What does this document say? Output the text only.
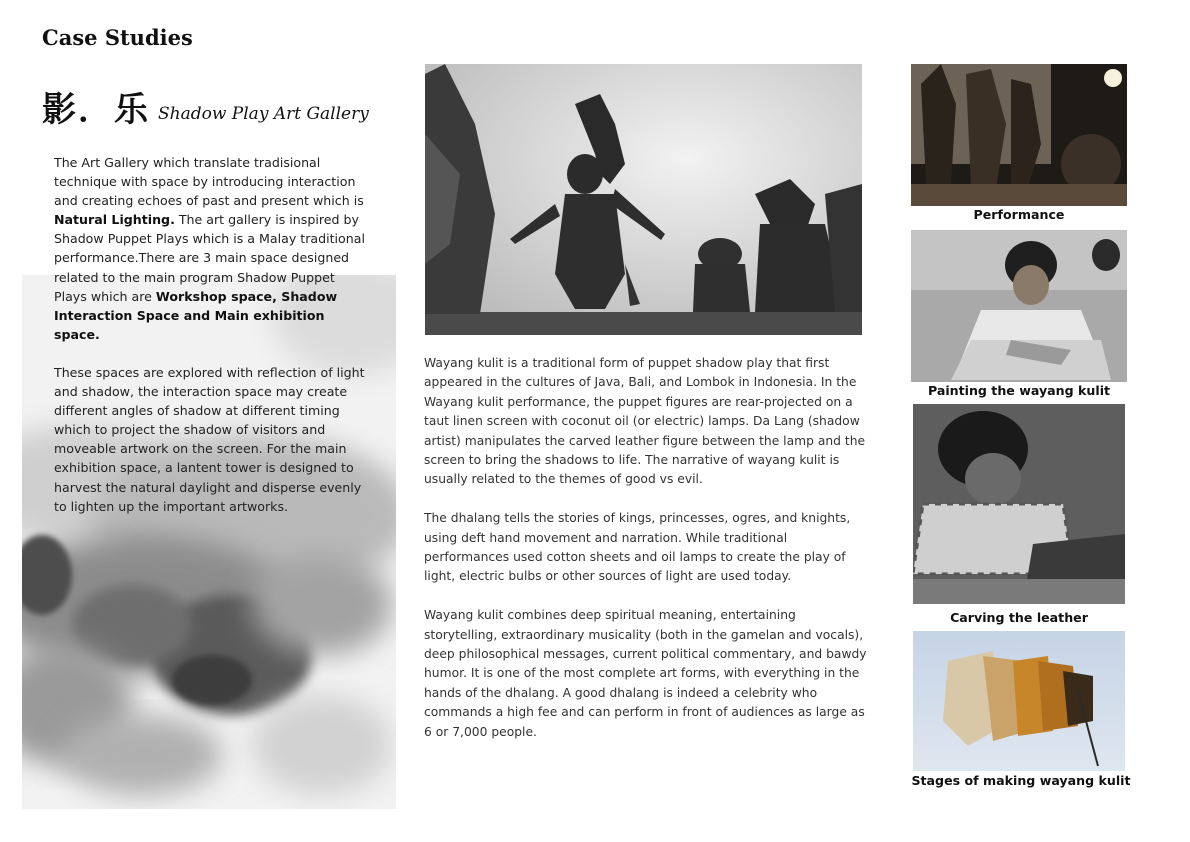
Case Studies
影．乐 Shadow Play Art Gallery

The Art Gallery which translate tradisional technique with space by introducing interaction and creating echoes of past and present which is Natural Lighting. The art gallery is inspired by Shadow Puppet Plays which is a Malay traditional performance.There are 3 main space designed related to the main program Shadow Puppet Plays which are Workshop space, Shadow Interaction Space and Main exhibition space.

These spaces are explored with reflection of light and shadow, the interaction space may create different angles of shadow at different timing which to project the shadow of visitors and moveable artwork on the screen. For the main exhibition space, a lantent tower is designed to harvest the natural daylight and disperse evenly to lighten up the important artworks.

Wayang kulit is a traditional form of puppet shadow play that first appeared in the cultures of Java, Bali, and Lombok in Indonesia. In the Wayang kulit performance, the puppet figures are rear-projected on a taut linen screen with coconut oil (or electric) lamps. Da Lang (shadow artist) manipulates the carved leather figure between the lamp and the screen to bring the shadows to life. The narrative of wayang kulit is usually related to the themes of good vs evil.

The dhalang tells the stories of kings, princesses, ogres, and knights, using deft hand movement and narration. While traditional performances used cotton sheets and oil lamps to create the play of light, electric bulbs or other sources of light are used today.

Wayang kulit combines deep spiritual meaning, entertaining storytelling, extraordinary musicality (both in the gamelan and vocals), deep philosophical messages, current political commentary, and bawdy humor. It is one of the most complete art forms, with everything in the hands of the dhalang. A good dhalang is indeed a celebrity who commands a high fee and can perform in front of audiences as large as 6 or 7,000 people.

Performance
Painting the wayang kulit
Carving the leather
Stages of making wayang kulit
